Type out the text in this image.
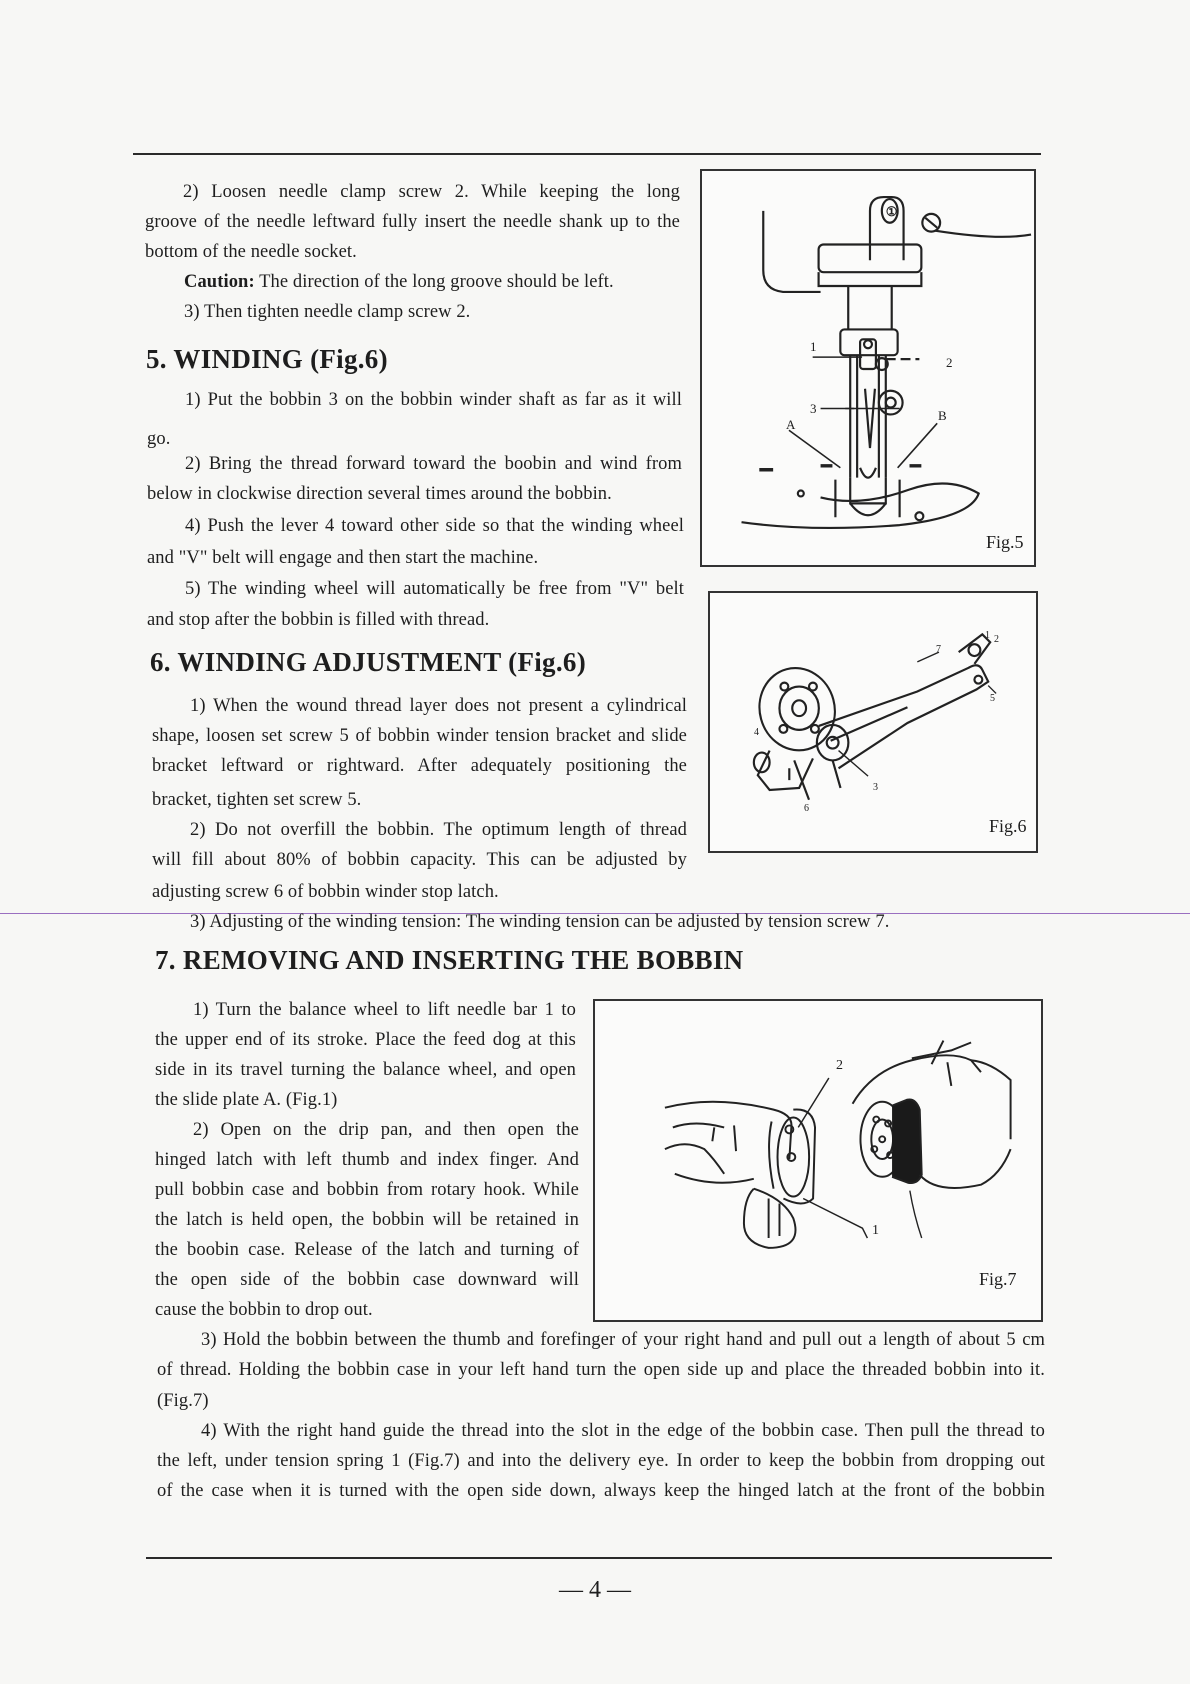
2) Loosen needle clamp screw 2. While keeping the long
groove of the needle leftward fully insert the needle shank up to the
bottom of the needle socket.
Caution: The direction of the long groove should be left.
3) Then tighten needle clamp screw 2.
5. WINDING (Fig.6)
1) Put the bobbin 3 on the bobbin winder shaft as far as it will
go.
2) Bring the thread forward toward the boobin and wind from
below in clockwise direction several times around the bobbin.
4) Push the lever 4 toward other side so that the winding wheel
and "V" belt will engage and then start the machine.
5) The winding wheel will automatically be free from "V" belt
and stop after the bobbin is filled with thread.
6. WINDING ADJUSTMENT (Fig.6)
1) When the wound thread layer does not present a cylindrical
shape, loosen set screw 5 of bobbin winder tension bracket and slide
bracket leftward or rightward. After adequately positioning the
bracket, tighten set screw 5.
2) Do not overfill the bobbin. The optimum length of thread
will fill about 80% of bobbin capacity. This can be adjusted by
adjusting screw 6 of bobbin winder stop latch.
3) Adjusting of the winding tension: The winding tension can be adjusted by tension screw 7.
7. REMOVING AND INSERTING THE BOBBIN
1) Turn the balance wheel to lift needle bar 1 to
the upper end of its stroke. Place the feed dog at this
side in its travel turning the balance wheel, and open
the slide plate A. (Fig.1)
2) Open on the drip pan, and then open the
hinged latch with left thumb and index finger. And
pull bobbin case and bobbin from rotary hook. While
the latch is held open, the bobbin will be retained in
the boobin case. Release of the latch and turning of
the open side of the bobbin case downward will
cause the bobbin to drop out.
3) Hold the bobbin between the thumb and forefinger of your right hand and pull out a length of about 5 cm
of thread. Holding the bobbin case in your left hand turn the open side up and place the threaded bobbin into it.
(Fig.7)
4) With the right hand guide the thread into the slot in the edge of the bobbin case. Then pull the thread to
the left, under tension spring 1 (Fig.7) and into the delivery eye. In order to keep the bobbin from dropping out
of the case when it is turned with the open side down, always keep the hinged latch at the front of the bobbin
①
1
2
3
A
B
Fig.5
1 2
3
4
5
6
7
Fig.6
1
2
Fig.7
— 4 —
